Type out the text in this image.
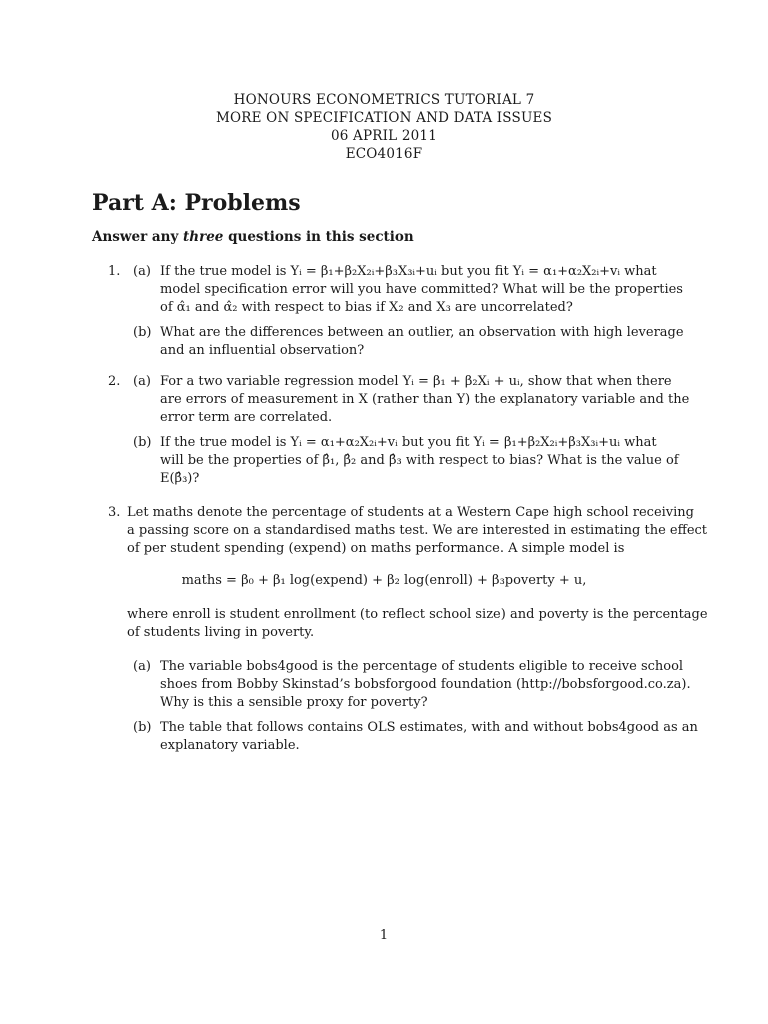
HONOURS ECONOMETRICS TUTORIAL 7
MORE ON SPECIFICATION AND DATA ISSUES
06 APRIL 2011
ECO4016F
Part A: Problems
Answer any three questions in this section
1. (a) If the true model is Yᵢ = β₁+β₂X₂ᵢ+β₃X₃ᵢ+uᵢ but you fit Yᵢ = α₁+α₂X₂ᵢ+vᵢ what
model specification error will you have committed? What will be the properties
of α̂₁ and α̂₂ with respect to bias if X₂ and X₃ are uncorrelated?
(b) What are the differences between an outlier, an observation with high leverage
and an influential observation?
2. (a) For a two variable regression model Yᵢ = β₁ + β₂Xᵢ + uᵢ, show that when there
are errors of measurement in X (rather than Y) the explanatory variable and the
error term are correlated.
(b) If the true model is Yᵢ = α₁+α₂X₂ᵢ+vᵢ but you fit Yᵢ = β₁+β₂X₂ᵢ+β₃X₃ᵢ+uᵢ what
will be the properties of β̂₁, β̂₂ and β̂₃ with respect to bias? What is the value of
E(β̂₃)?
3. Let maths denote the percentage of students at a Western Cape high school receiving
a passing score on a standardised maths test. We are interested in estimating the effect
of per student spending (expend) on maths performance. A simple model is
maths = β₀ + β₁ log(expend) + β₂ log(enroll) + β₃poverty + u,
where enroll is student enrollment (to reflect school size) and poverty is the percentage
of students living in poverty.
(a) The variable bobs4good is the percentage of students eligible to receive school
shoes from Bobby Skinstad’s bobsforgood foundation (http://bobsforgood.co.za).
Why is this a sensible proxy for poverty?
(b) The table that follows contains OLS estimates, with and without bobs4good as an
explanatory variable.
1
